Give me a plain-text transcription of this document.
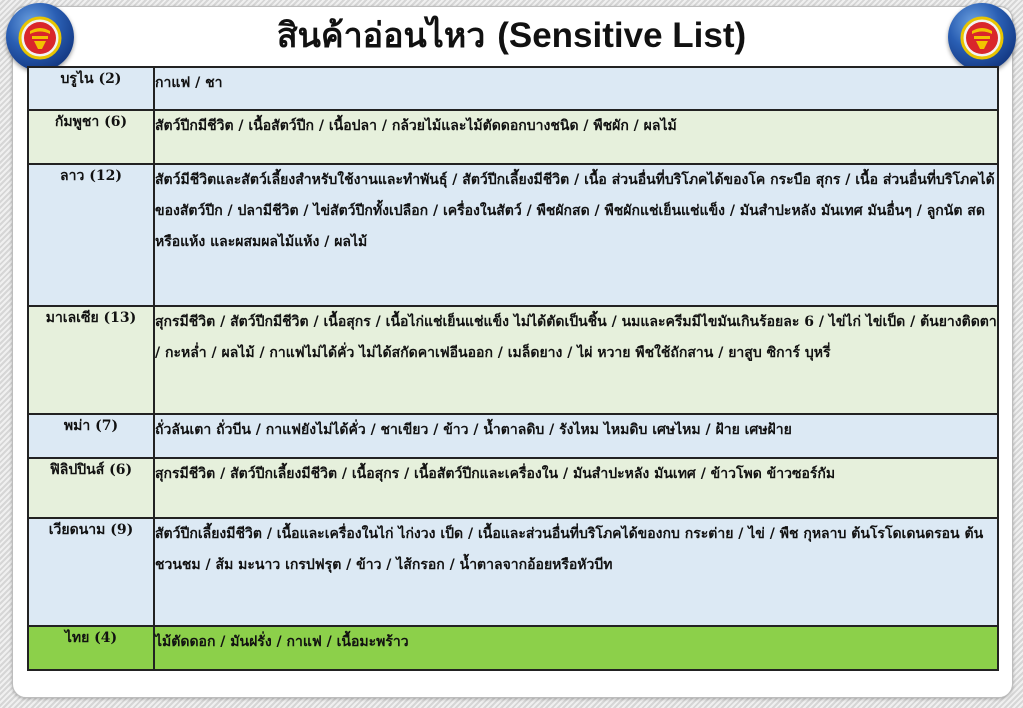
สินค้าอ่อนไหว (Sensitive List)
บรูไน (2)	กาแฟ / ชา
กัมพูชา (6)	สัตว์ปีกมีชีวิต / เนื้อสัตว์ปีก / เนื้อปลา / กล้วยไม้และไม้ตัดดอกบางชนิด / พืชผัก / ผลไม้
ลาว (12)	สัตว์มีชีวิตและสัตว์เลี้ยงสำหรับใช้งานและทำพันธุ์ / สัตว์ปีกเลี้ยงมีชีวิต / เนื้อ ส่วนอื่นที่บริโภคได้ของโค กระบือ สุกร / เนื้อ ส่วนอื่นที่บริโภคได้ของสัตว์ปีก / ปลามีชีวิต / ไข่สัตว์ปีกทั้งเปลือก / เครื่องในสัตว์ / พืชผักสด / พืชผักแช่เย็นแช่แข็ง / มันสำปะหลัง มันเทศ มันอื่นๆ / ลูกนัต สดหรือแห้ง และผสมผลไม้แห้ง / ผลไม้
มาเลเซีย (13)	สุกรมีชีวิต / สัตว์ปีกมีชีวิต / เนื้อสุกร / เนื้อไก่แช่เย็นแช่แข็ง ไม่ได้ตัดเป็นชิ้น / นมและครีมมีไขมันเกินร้อยละ 6 / ไข่ไก่ ไข่เป็ด / ต้นยางติดตา / กะหล่ำ / ผลไม้ / กาแฟไม่ได้คั่ว ไม่ได้สกัดคาเฟอีนออก / เมล็ดยาง / ไผ่ หวาย พืชใช้ถักสาน / ยาสูบ ซิการ์ บุหรี่
พม่า (7)	ถั่วลันเตา ถั่วบีน / กาแฟยังไม่ได้คั่ว / ชาเขียว / ข้าว / น้ำตาลดิบ / รังไหม ไหมดิบ เศษไหม / ฝ้าย เศษฝ้าย
ฟิลิปปินส์ (6)	สุกรมีชีวิต / สัตว์ปีกเลี้ยงมีชีวิต / เนื้อสุกร / เนื้อสัตว์ปีกและเครื่องใน / มันสำปะหลัง มันเทศ / ข้าวโพด ข้าวซอร์กัม
เวียดนาม (9)	สัตว์ปีกเลี้ยงมีชีวิต / เนื้อและเครื่องในไก่ ไก่งวง เป็ด / เนื้อและส่วนอื่นที่บริโภคได้ของกบ กระต่าย / ไข่ / พืช กุหลาบ ต้นโรโดเดนดรอน ต้นชวนชม / ส้ม มะนาว เกรปฟรุต / ข้าว / ไส้กรอก / น้ำตาลจากอ้อยหรือหัวบีท
ไทย (4)	ไม้ตัดดอก / มันฝรั่ง / กาแฟ / เนื้อมะพร้าว
